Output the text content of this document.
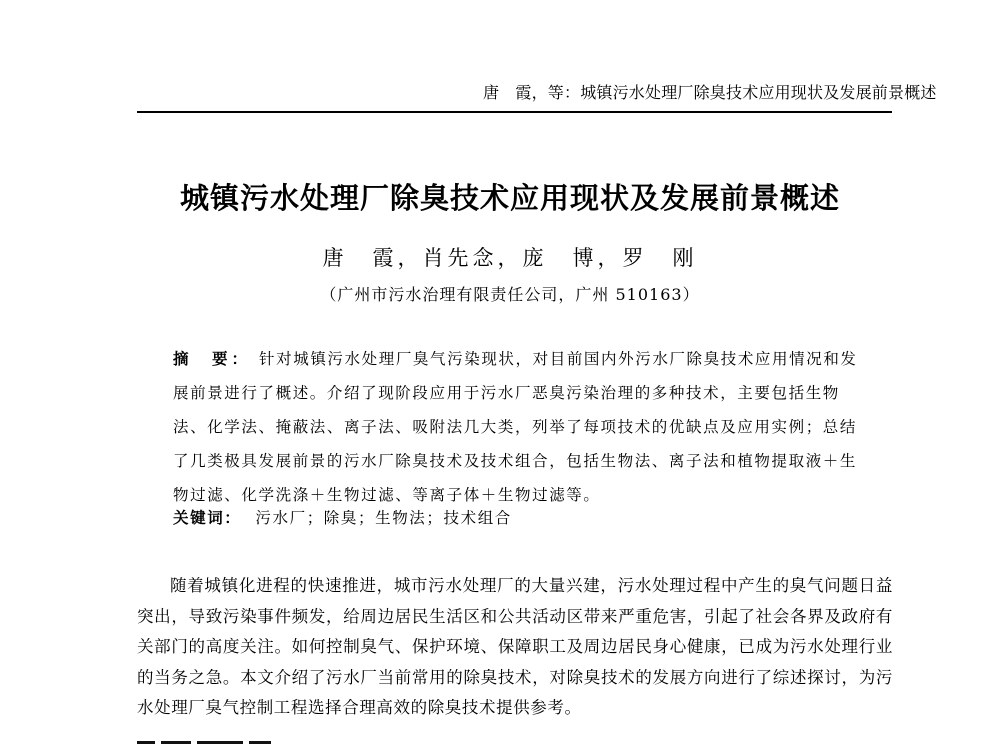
唐　霞，等：城镇污水处理厂除臭技术应用现状及发展前景概述
城镇污水处理厂除臭技术应用现状及发展前景概述
唐　霞，肖先念，庞　博，罗　刚
（广州市污水治理有限责任公司，广州 510163）
摘　要： 针对城镇污水处理厂臭气污染现状，对目前国内外污水厂除臭技术应用情况和发展前景进行了概述。介绍了现阶段应用于污水厂恶臭污染治理的多种技术，主要包括生物法、化学法、掩蔽法、离子法、吸附法几大类，列举了每项技术的优缺点及应用实例；总结了几类极具发展前景的污水厂除臭技术及技术组合，包括生物法、离子法和植物提取液＋生物过滤、化学洗涤＋生物过滤、等离子体＋生物过滤等。
关键词： 污水厂；除臭；生物法；技术组合

随着城镇化进程的快速推进，城市污水处理厂的大量兴建，污水处理过程中产生的臭气问题日益突出，导致污染事件频发，给周边居民生活区和公共活动区带来严重危害，引起了社会各界及政府有关部门的高度关注。如何控制臭气、保护环境、保障职工及周边居民身心健康，已成为污水处理行业的当务之急。本文介绍了污水厂当前常用的除臭技术，对除臭技术的发展方向进行了综述探讨，为污水处理厂臭气控制工程选择合理高效的除臭技术提供参考。
